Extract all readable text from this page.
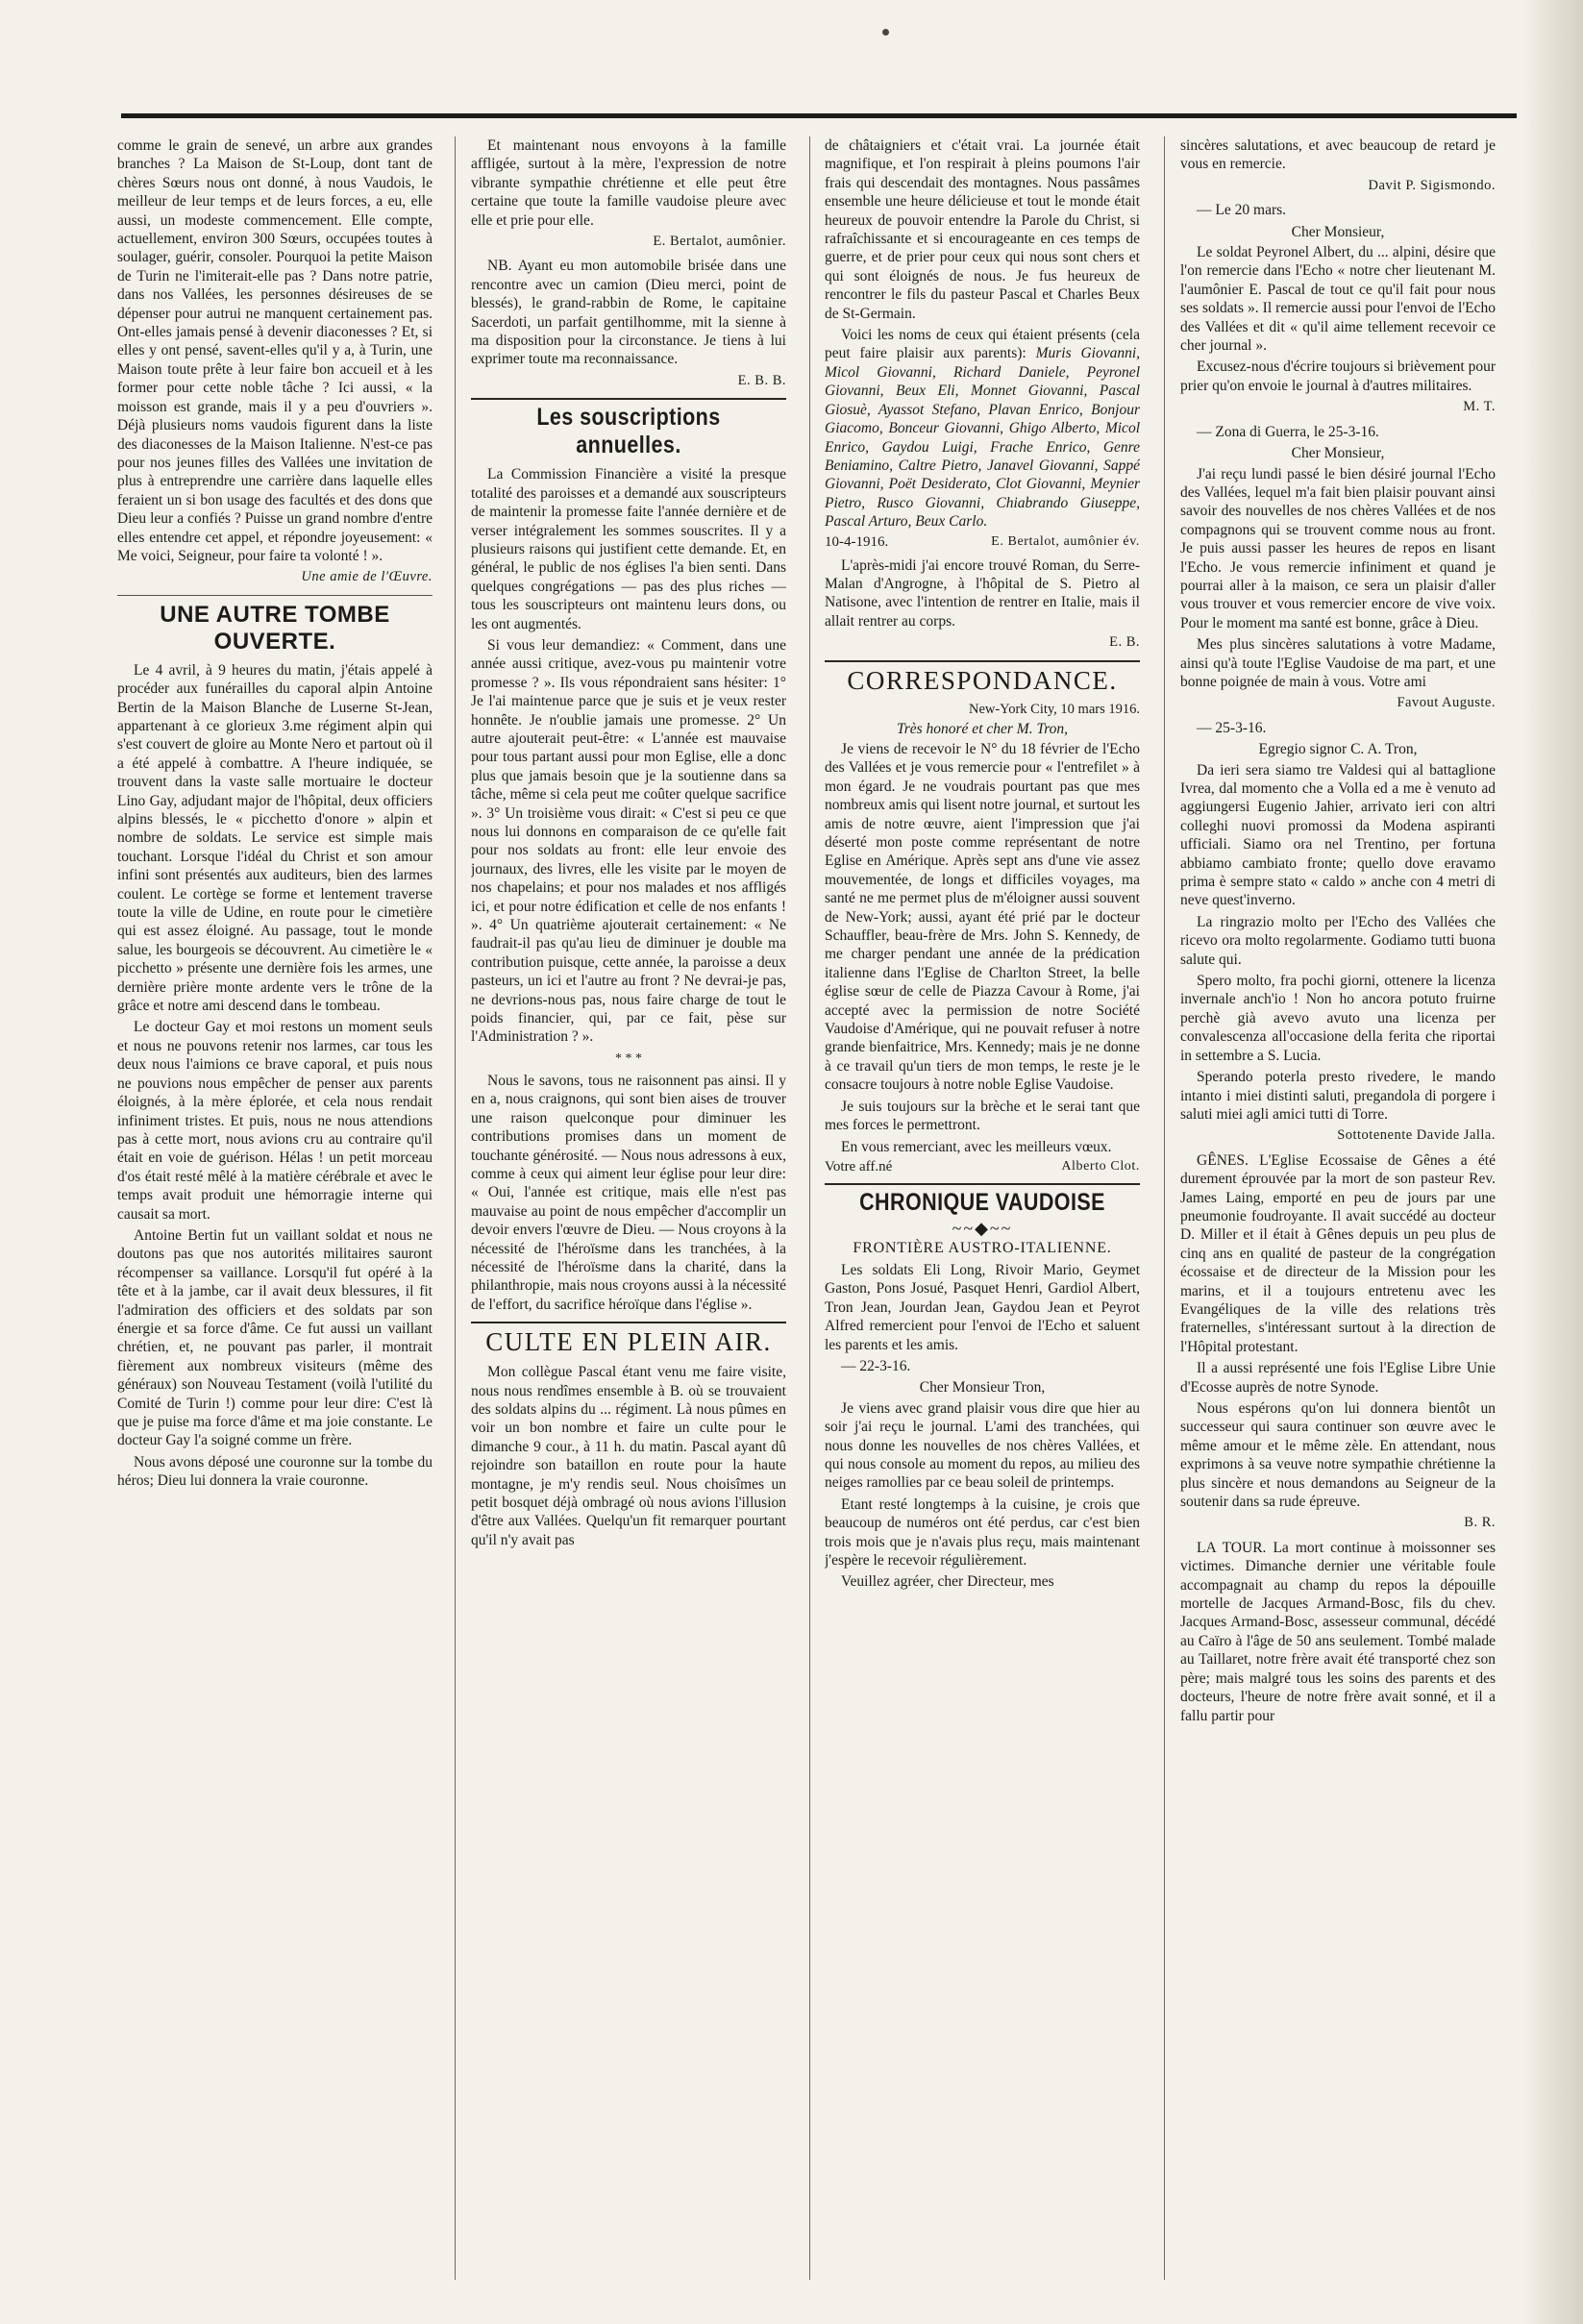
comme le grain de senevé, un arbre aux grandes branches ? La Maison de St-Loup, dont tant de chères Sœurs nous ont donné, à nous Vaudois, le meilleur de leur temps et de leurs forces, a eu, elle aussi, un modeste commencement. Elle compte, actuellement, environ 300 Sœurs, occupées toutes à soulager, guérir, consoler. Pourquoi la petite Maison de Turin ne l'imiterait-elle pas ? Dans notre patrie, dans nos Vallées, les personnes désireuses de se dépenser pour autrui ne manquent certainement pas. Ont-elles jamais pensé à devenir diaconesses ? Et, si elles y ont pensé, savent-elles qu'il y a, à Turin, une Maison toute prête à leur faire bon accueil et à les former pour cette noble tâche ? Ici aussi, « la moisson est grande, mais il y a peu d'ouvriers ». Déjà plusieurs noms vaudois figurent dans la liste des diaconesses de la Maison Italienne. N'est-ce pas pour nos jeunes filles des Vallées une invitation de plus à entreprendre une carrière dans laquelle elles feraient un si bon usage des facultés et des dons que Dieu leur a confiés ? Puisse un grand nombre d'entre elles entendre cet appel, et répondre joyeusement: « Me voici, Seigneur, pour faire ta volonté ! ».

Une amie de l'Œuvre.

UNE AUTRE TOMBE OUVERTE.

Le 4 avril, à 9 heures du matin, j'étais appelé à procéder aux funérailles du caporal alpin Antoine Bertin de la Maison Blanche de Luserne St-Jean, appartenant à ce glorieux 3.me régiment alpin qui s'est couvert de gloire au Monte Nero et partout où il a été appelé à combattre. A l'heure indiquée, se trouvent dans la vaste salle mortuaire le docteur Lino Gay, adjudant major de l'hôpital, deux officiers alpins blessés, le « picchetto d'onore » alpin et nombre de soldats. Le service est simple mais touchant. Lorsque l'idéal du Christ et son amour infini sont présentés aux auditeurs, bien des larmes coulent. Le cortège se forme et lentement traverse toute la ville de Udine, en route pour le cimetière qui est assez éloigné. Au passage, tout le monde salue, les bourgeois se découvrent. Au cimetière le « picchetto » présente une dernière fois les armes, une dernière prière monte ardente vers le trône de la grâce et notre ami descend dans le tombeau.

Le docteur Gay et moi restons un moment seuls et nous ne pouvons retenir nos larmes, car tous les deux nous l'aimions ce brave caporal, et puis nous ne pouvions nous empêcher de penser aux parents éloignés, à la mère éplorée, et cela nous rendait infiniment tristes. Et puis, nous ne nous attendions pas à cette mort, nous avions cru au contraire qu'il était en voie de guérison. Hélas ! un petit morceau d'os était resté mêlé à la matière cérébrale et avec le temps avait produit une hémorragie interne qui causait sa mort.

Antoine Bertin fut un vaillant soldat et nous ne doutons pas que nos autorités militaires sauront récompenser sa vaillance. Lorsqu'il fut opéré à la tête et à la jambe, car il avait deux blessures, il fit l'admiration des officiers et des soldats par son énergie et sa force d'âme. Ce fut aussi un vaillant chrétien, et, ne pouvant pas parler, il montrait fièrement aux nombreux visiteurs (même des généraux) son Nouveau Testament (voilà l'utilité du Comité de Turin !) comme pour leur dire: C'est là que je puise ma force d'âme et ma joie constante. Le docteur Gay l'a soigné comme un frère.

Nous avons déposé une couronne sur la tombe du héros; Dieu lui donnera la vraie couronne.

Et maintenant nous envoyons à la famille affligée, surtout à la mère, l'expression de notre vibrante sympathie chrétienne et elle peut être certaine que toute la famille vaudoise pleure avec elle et prie pour elle.

E. Bertalot, aumônier.

NB. Ayant eu mon automobile brisée dans une rencontre avec un camion (Dieu merci, point de blessés), le grand-rabbin de Rome, le capitaine Sacerdoti, un parfait gentilhomme, mit la sienne à ma disposition pour la circonstance. Je tiens à lui exprimer toute ma reconnaissance.

E. B. B.

Les souscriptions annuelles.

La Commission Financière a visité la presque totalité des paroisses et a demandé aux souscripteurs de maintenir la promesse faite l'année dernière et de verser intégralement les sommes souscrites. Il y a plusieurs raisons qui justifient cette demande. Et, en général, le public de nos églises l'a bien senti. Dans quelques congrégations — pas des plus riches — tous les souscripteurs ont maintenu leurs dons, ou les ont augmentés.

Si vous leur demandiez: « Comment, dans une année aussi critique, avez-vous pu maintenir votre promesse ? ». Ils vous répondraient sans hésiter: 1° Je l'ai maintenue parce que je suis et je veux rester honnête. Je n'oublie jamais une promesse. 2° Un autre ajouterait peut-être: « L'année est mauvaise pour tous partant aussi pour mon Eglise, elle a donc plus que jamais besoin que je la soutienne dans sa tâche, même si cela peut me coûter quelque sacrifice ». 3° Un troisième vous dirait: « C'est si peu ce que nous lui donnons en comparaison de ce qu'elle fait pour nos soldats au front: elle leur envoie des journaux, des livres, elle les visite par le moyen de nos chapelains; et pour nos malades et nos affligés ici, et pour notre édification et celle de nos enfants ! ». 4° Un quatrième ajouterait certainement: « Ne faudrait-il pas qu'au lieu de diminuer je double ma contribution puisque, cette année, la paroisse a deux pasteurs, un ici et l'autre au front ? Ne devrai-je pas, ne devrions-nous pas, nous faire charge de tout le poids financier, qui, par ce fait, pèse sur l'Administration ? ».

* * *

Nous le savons, tous ne raisonnent pas ainsi. Il y en a, nous craignons, qui sont bien aises de trouver une raison quelconque pour diminuer les contributions promises dans un moment de touchante générosité. — Nous nous adressons à eux, comme à ceux qui aiment leur église pour leur dire: « Oui, l'année est critique, mais elle n'est pas mauvaise au point de nous empêcher d'accomplir un devoir envers l'œuvre de Dieu. — Nous croyons à la nécessité de l'héroïsme dans les tranchées, à la nécessité de l'héroïsme dans la charité, dans la philanthropie, mais nous croyons aussi à la nécessité de l'effort, du sacrifice héroïque dans l'église ».

CULTE EN PLEIN AIR.

Mon collègue Pascal étant venu me faire visite, nous nous rendîmes ensemble à B. où se trouvaient des soldats alpins du ... régiment. Là nous pûmes en voir un bon nombre et faire un culte pour le dimanche 9 cour., à 11 h. du matin. Pascal ayant dû rejoindre son bataillon en route pour la haute montagne, je m'y rendis seul. Nous choisîmes un petit bosquet déjà ombragé où nous avions l'illusion d'être aux Vallées. Quelqu'un fit remarquer pourtant qu'il n'y avait pas

de châtaigniers et c'était vrai. La journée était magnifique, et l'on respirait à pleins poumons l'air frais qui descendait des montagnes. Nous passâmes ensemble une heure délicieuse et tout le monde était heureux de pouvoir entendre la Parole du Christ, si rafraîchissante et si encourageante en ces temps de guerre, et de prier pour ceux qui nous sont chers et qui sont éloignés de nous. Je fus heureux de rencontrer le fils du pasteur Pascal et Charles Beux de St-Germain.

Voici les noms de ceux qui étaient présents (cela peut faire plaisir aux parents): Muris Giovanni, Micol Giovanni, Richard Daniele, Peyronel Giovanni, Beux Eli, Monnet Giovanni, Pascal Giosuè, Ayassot Stefano, Plavan Enrico, Bonjour Giacomo, Bonceur Giovanni, Ghigo Alberto, Micol Enrico, Gaydou Luigi, Frache Enrico, Genre Beniamino, Caltre Pietro, Janavel Giovanni, Sappé Giovanni, Poët Desiderato, Clot Giovanni, Meynier Pietro, Rusco Giovanni, Chiabrando Giuseppe, Pascal Arturo, Beux Carlo.

10-4-1916.	E. Bertalot, aumônier év.

L'après-midi j'ai encore trouvé Roman, du Serre-Malan d'Angrogne, à l'hôpital de S. Pietro al Natisone, avec l'intention de rentrer en Italie, mais il allait rentrer au corps.

E. B.

CORRESPONDANCE.
New-York City, 10 mars 1916.

Très honoré et cher M. Tron,

Je viens de recevoir le N° du 18 février de l'Echo des Vallées et je vous remercie pour « l'entrefilet » à mon égard. Je ne voudrais pourtant pas que mes nombreux amis qui lisent notre journal, et surtout les amis de notre œuvre, aient l'impression que j'ai déserté mon poste comme représentant de notre Eglise en Amérique. Après sept ans d'une vie assez mouvementée, de longs et difficiles voyages, ma santé ne me permet plus de m'éloigner aussi souvent de New-York; aussi, ayant été prié par le docteur Schauffler, beau-frère de Mrs. John S. Kennedy, de me charger pendant une année de la prédication italienne dans l'Eglise de Charlton Street, la belle église sœur de celle de Piazza Cavour à Rome, j'ai accepté avec la permission de notre Société Vaudoise d'Amérique, qui ne pouvait refuser à notre grande bienfaitrice, Mrs. Kennedy; mais je ne donne à ce travail qu'un tiers de mon temps, le reste je le consacre toujours à notre noble Eglise Vaudoise.

Je suis toujours sur la brèche et le serai tant que mes forces le permettront.

En vous remerciant, avec les meilleurs vœux.

Votre aff.né	Alberto Clot.
CHRONIQUE VAUDOISE
~~◆~~
FRONTIÈRE AUSTRO-ITALIENNE.

Les soldats Eli Long, Rivoir Mario, Geymet Gaston, Pons Josué, Pasquet Henri, Gardiol Albert, Tron Jean, Jourdan Jean, Gaydou Jean et Peyrot Alfred remercient pour l'envoi de l'Echo et saluent les parents et les amis.

— 22-3-16.

Cher Monsieur Tron,

Je viens avec grand plaisir vous dire que hier au soir j'ai reçu le journal. L'ami des tranchées, qui nous donne les nouvelles de nos chères Vallées, et qui nous console au moment du repos, au milieu des neiges ramollies par ce beau soleil de printemps.

Etant resté longtemps à la cuisine, je crois que beaucoup de numéros ont été perdus, car c'est bien trois mois que je n'avais plus reçu, mais maintenant j'espère le recevoir régulièrement.

Veuillez agréer, cher Directeur, mes

sincères salutations, et avec beaucoup de retard je vous en remercie.

Davit P. Sigismondo.

— Le 20 mars.

Cher Monsieur,

Le soldat Peyronel Albert, du ... alpini, désire que l'on remercie dans l'Echo « notre cher lieutenant M. l'aumônier E. Pascal de tout ce qu'il fait pour nous ses soldats ». Il remercie aussi pour l'envoi de l'Echo des Vallées et dit « qu'il aime tellement recevoir ce cher journal ».

Excusez-nous d'écrire toujours si brièvement pour prier qu'on envoie le journal à d'autres militaires.

M. T.

— Zona di Guerra, le 25-3-16.

Cher Monsieur,

J'ai reçu lundi passé le bien désiré journal l'Echo des Vallées, lequel m'a fait bien plaisir pouvant ainsi savoir des nouvelles de nos chères Vallées et de nos compagnons qui se trouvent comme nous au front. Je puis aussi passer les heures de repos en lisant l'Echo. Je vous remercie infiniment et quand je pourrai aller à la maison, ce sera un plaisir d'aller vous trouver et vous remercier encore de vive voix. Pour le moment ma santé est bonne, grâce à Dieu.

Mes plus sincères salutations à votre Madame, ainsi qu'à toute l'Eglise Vaudoise de ma part, et une bonne poignée de main à vous. Votre ami

Favout Auguste.

— 25-3-16.

Egregio signor C. A. Tron,

Da ieri sera siamo tre Valdesi qui al battaglione Ivrea, dal momento che a Volla ed a me è venuto ad aggiungersi Eugenio Jahier, arrivato ieri con altri colleghi nuovi promossi da Modena aspiranti ufficiali. Siamo ora nel Trentino, per fortuna abbiamo cambiato fronte; quello dove eravamo prima è sempre stato « caldo » anche con 4 metri di neve quest'inverno.

La ringrazio molto per l'Echo des Vallées che ricevo ora molto regolarmente. Godiamo tutti buona salute qui.

Spero molto, fra pochi giorni, ottenere la licenza invernale anch'io ! Non ho ancora potuto fruirne perchè già avevo avuto una licenza per convalescenza all'occasione della ferita che riportai in settembre a S. Lucia.

Sperando poterla presto rivedere, le mando intanto i miei distinti saluti, pregandola di porgere i saluti miei agli amici tutti di Torre.

Sottotenente Davide Jalla.

GÊNES. L'Eglise Ecossaise de Gênes a été durement éprouvée par la mort de son pasteur Rev. James Laing, emporté en peu de jours par une pneumonie foudroyante. Il avait succédé au docteur D. Miller et il était à Gênes depuis un peu plus de cinq ans en qualité de pasteur de la congrégation écossaise et de directeur de la Mission pour les marins, et il a toujours entretenu avec les Evangéliques de la ville des relations très fraternelles, s'intéressant surtout à la direction de l'Hôpital protestant.

Il a aussi représenté une fois l'Eglise Libre Unie d'Ecosse auprès de notre Synode.

Nous espérons qu'on lui donnera bientôt un successeur qui saura continuer son œuvre avec le même amour et le même zèle. En attendant, nous exprimons à sa veuve notre sympathie chrétienne la plus sincère et nous demandons au Seigneur de la soutenir dans sa rude épreuve.

B. R.

LA TOUR. La mort continue à moissonner ses victimes. Dimanche dernier une véritable foule accompagnait au champ du repos la dépouille mortelle de Jacques Armand-Bosc, fils du chev. Jacques Armand-Bosc, assesseur communal, décédé au Caïro à l'âge de 50 ans seulement. Tombé malade au Taillaret, notre frère avait été transporté chez son père; mais malgré tous les soins des parents et des docteurs, l'heure de notre frère avait sonné, et il a fallu partir pour
